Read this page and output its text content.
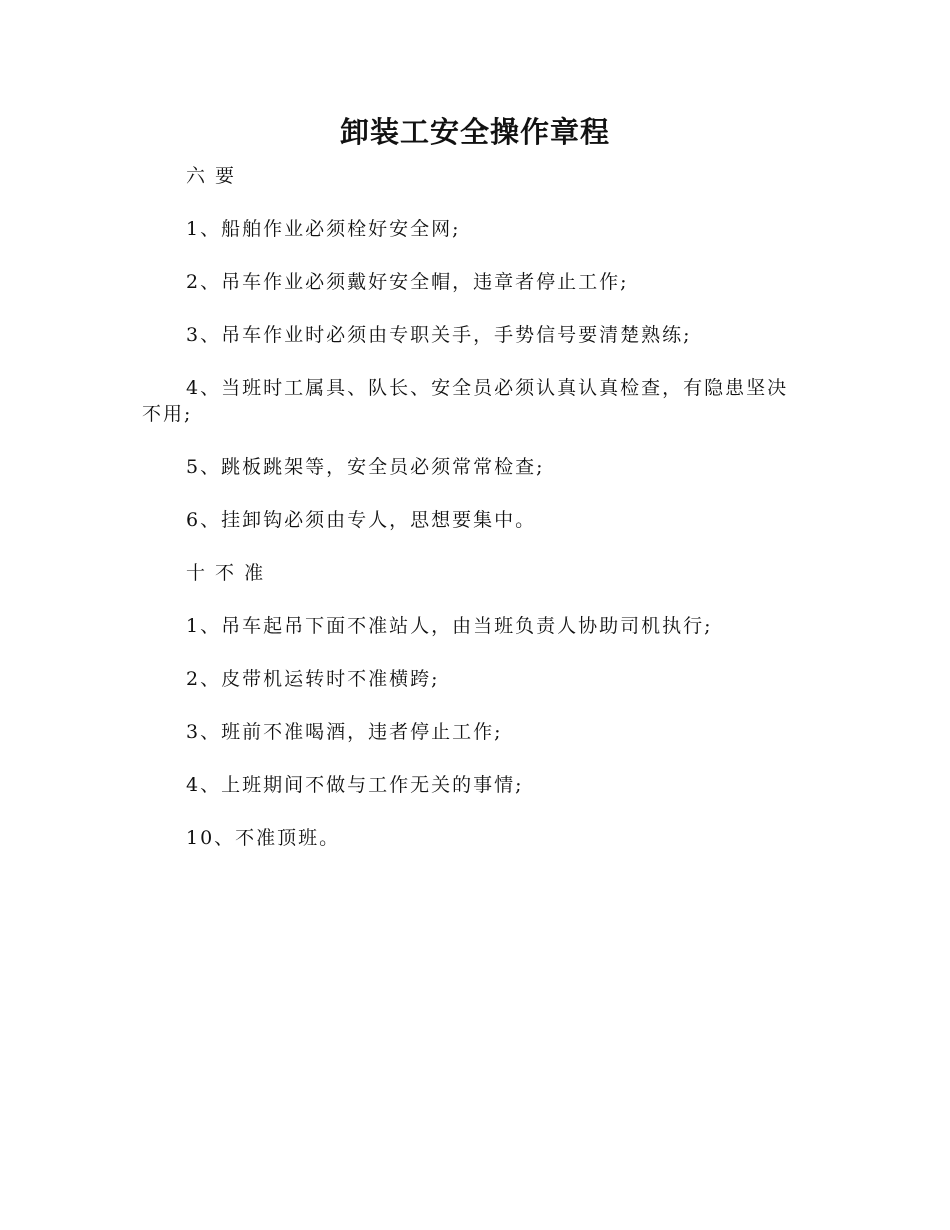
卸装工安全操作章程

六 要

1、船舶作业必须栓好安全网;

2、吊车作业必须戴好安全帽，违章者停止工作;

3、吊车作业时必须由专职关手，手势信号要清楚熟练;

4、当班时工属具、队长、安全员必须认真认真检查，有隐患坚决不用;

5、跳板跳架等，安全员必须常常检查;

6、挂卸钩必须由专人，思想要集中。

十 不 准

1、吊车起吊下面不准站人，由当班负责人协助司机执行;

2、皮带机运转时不准横跨;

3、班前不准喝酒，违者停止工作;

4、上班期间不做与工作无关的事情;

10、不准顶班。
